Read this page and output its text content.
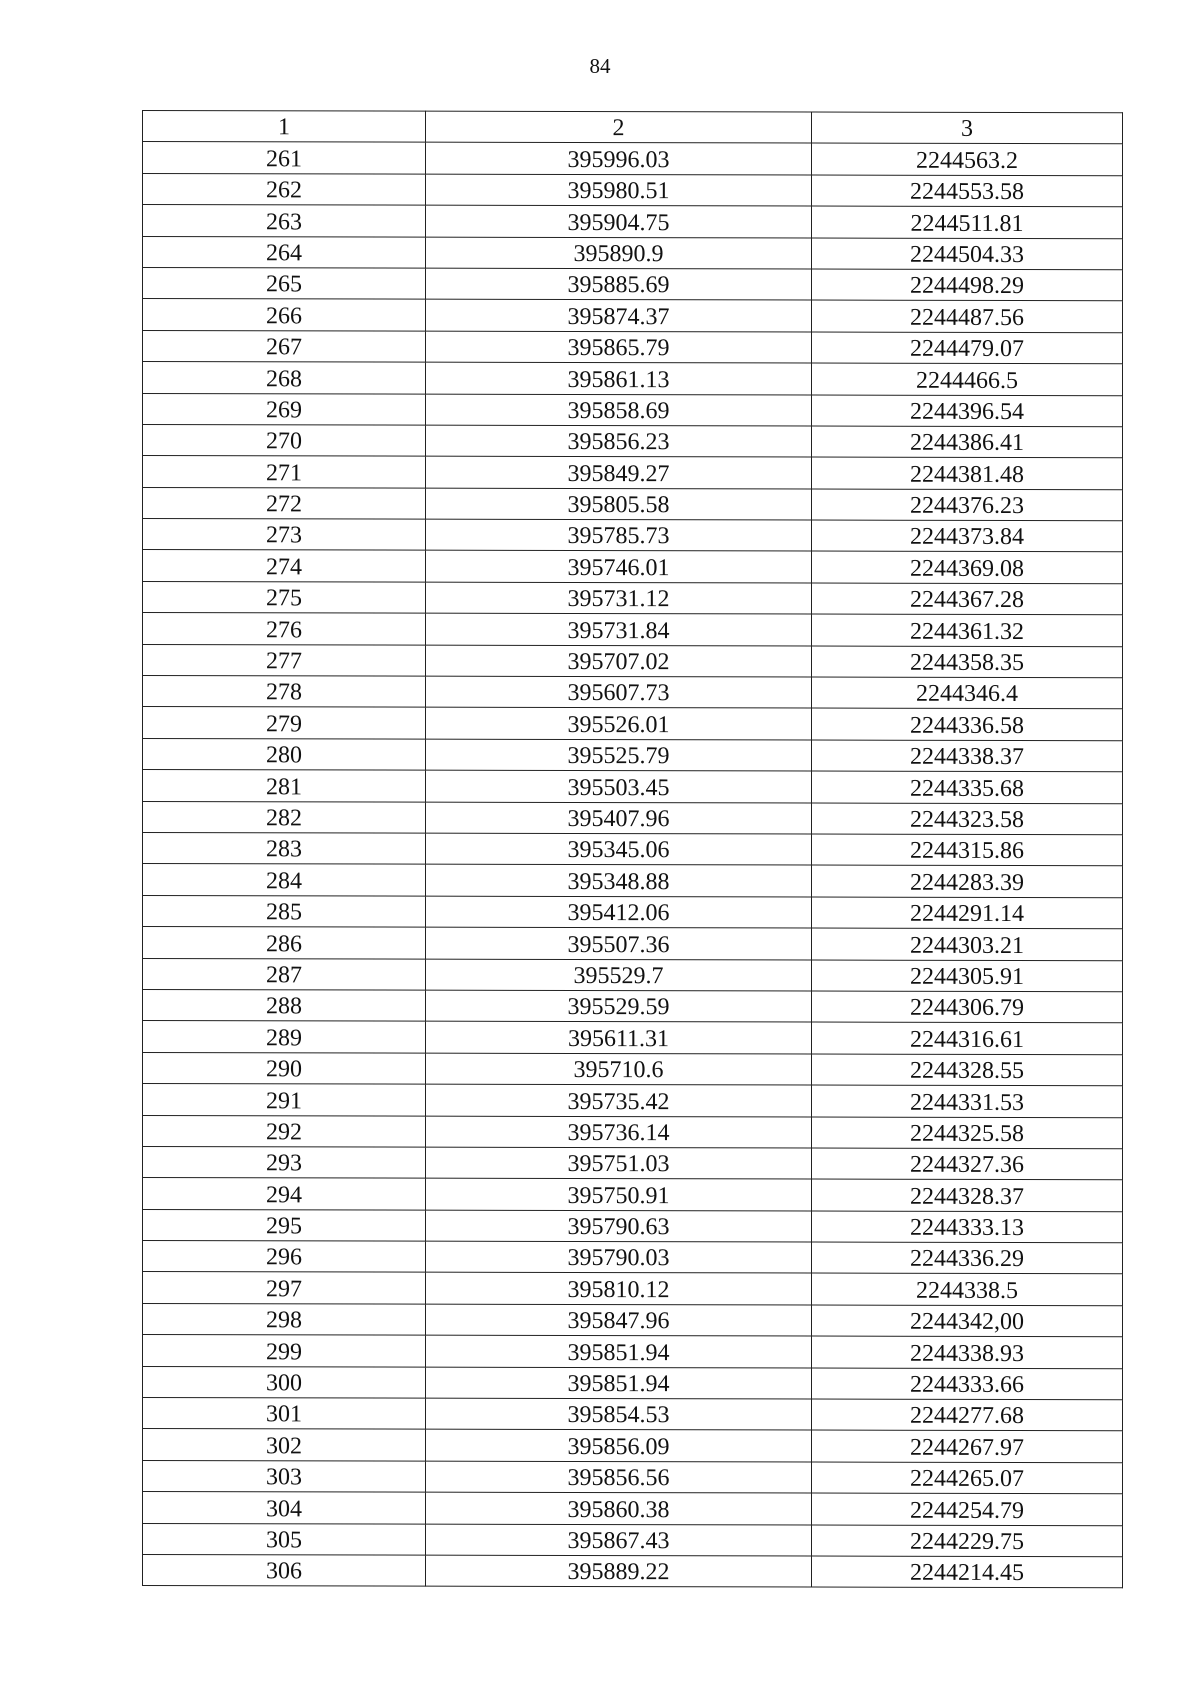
84
1	2	3
261	395996.03	2244563.2
262	395980.51	2244553.58
263	395904.75	2244511.81
264	395890.9	2244504.33
265	395885.69	2244498.29
266	395874.37	2244487.56
267	395865.79	2244479.07
268	395861.13	2244466.5
269	395858.69	2244396.54
270	395856.23	2244386.41
271	395849.27	2244381.48
272	395805.58	2244376.23
273	395785.73	2244373.84
274	395746.01	2244369.08
275	395731.12	2244367.28
276	395731.84	2244361.32
277	395707.02	2244358.35
278	395607.73	2244346.4
279	395526.01	2244336.58
280	395525.79	2244338.37
281	395503.45	2244335.68
282	395407.96	2244323.58
283	395345.06	2244315.86
284	395348.88	2244283.39
285	395412.06	2244291.14
286	395507.36	2244303.21
287	395529.7	2244305.91
288	395529.59	2244306.79
289	395611.31	2244316.61
290	395710.6	2244328.55
291	395735.42	2244331.53
292	395736.14	2244325.58
293	395751.03	2244327.36
294	395750.91	2244328.37
295	395790.63	2244333.13
296	395790.03	2244336.29
297	395810.12	2244338.5
298	395847.96	2244342,00
299	395851.94	2244338.93
300	395851.94	2244333.66
301	395854.53	2244277.68
302	395856.09	2244267.97
303	395856.56	2244265.07
304	395860.38	2244254.79
305	395867.43	2244229.75
306	395889.22	2244214.45
